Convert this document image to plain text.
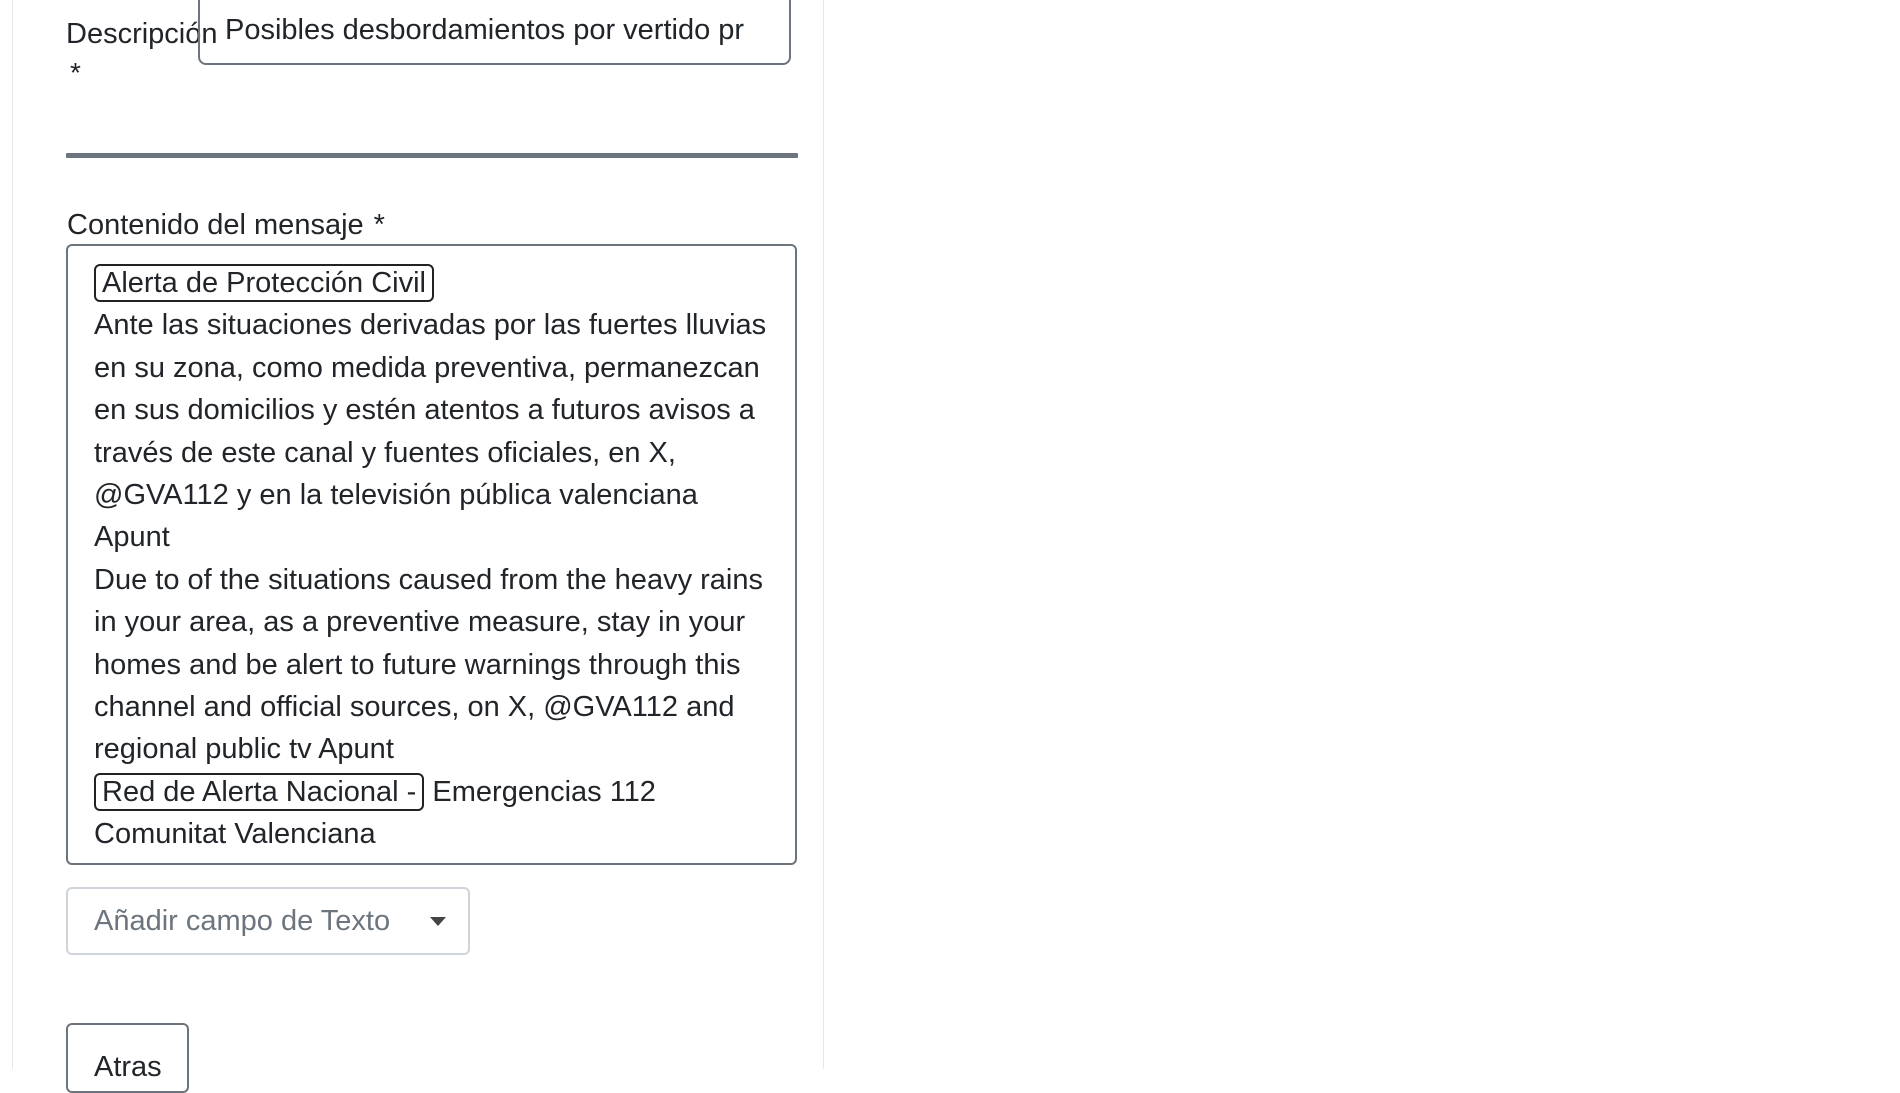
Descripción
*
Posibles desbordamientos por vertido pr
Contenido del mensaje *
Alerta de Protección Civil
Ante las situaciones derivadas por las fuertes lluvias en su zona, como medida preventiva, permanezcan en sus domicilios y estén atentos a futuros avisos a través de este canal y fuentes oficiales, en X, @GVA112 y en la televisión pública valenciana Apunt
Due to of the situations caused from the heavy rains in your area, as a preventive measure, stay in your homes and be alert to future warnings through this channel and official sources, on X, @GVA112 and regional public tv Apunt
Red de Alerta Nacional - Emergencias 112 Comunitat Valenciana
Añadir campo de Texto
Atras
